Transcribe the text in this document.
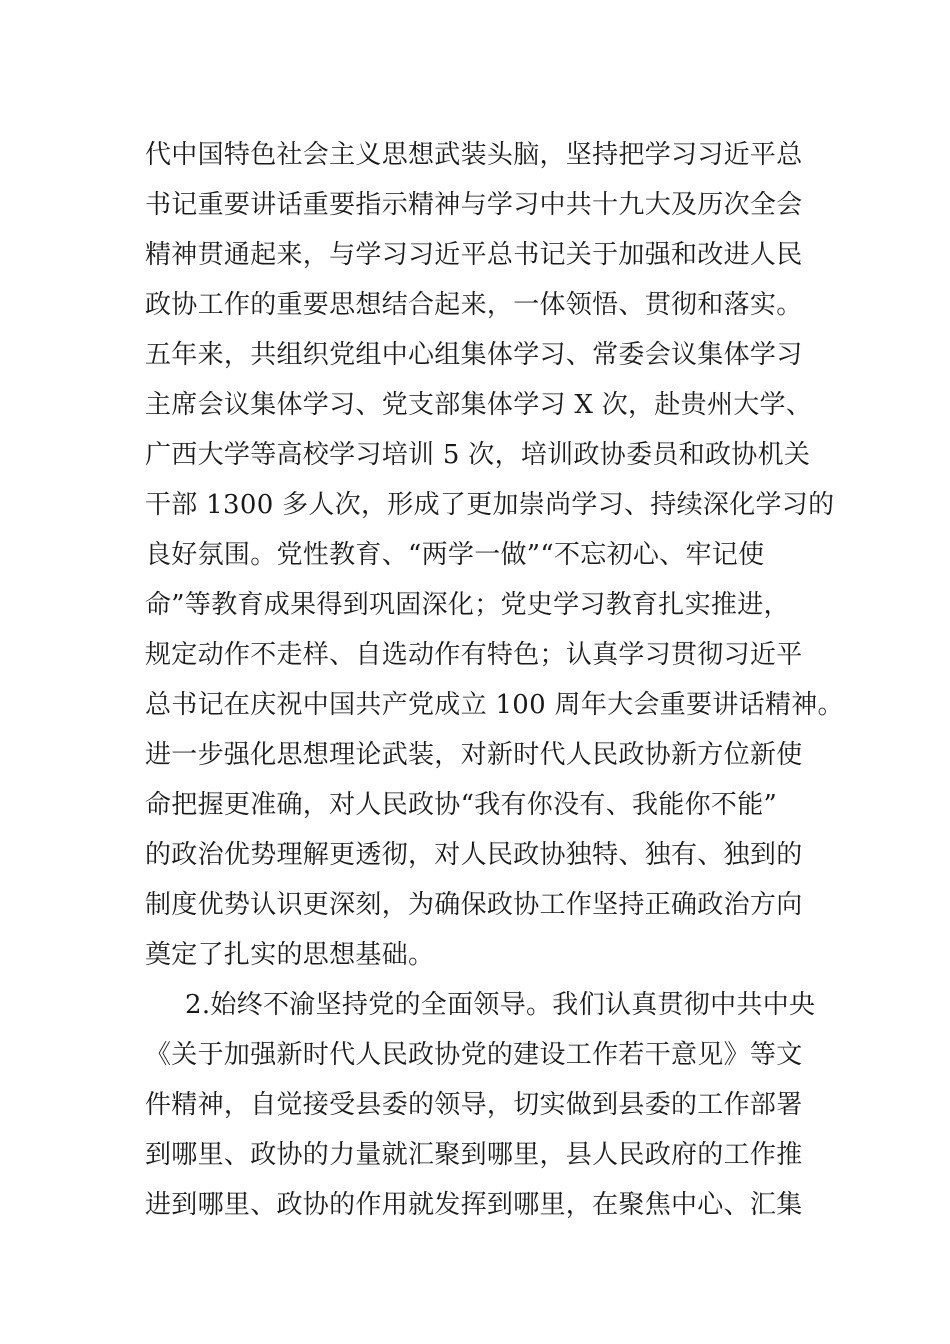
代中国特色社会主义思想武装头脑，坚持把学习习近平总
书记重要讲话重要指示精神与学习中共十九大及历次全会
精神贯通起来，与学习习近平总书记关于加强和改进人民
政协工作的重要思想结合起来，一体领悟、贯彻和落实。
五年来，共组织党组中心组集体学习、常委会议集体学习
主席会议集体学习、党支部集体学习 X 次，赴贵州大学、
广西大学等高校学习培训 5 次，培训政协委员和政协机关
干部 1300 多人次，形成了更加崇尚学习、持续深化学习的
良好氛围。党性教育、“两学一做”“不忘初心、牢记使
命”等教育成果得到巩固深化；党史学习教育扎实推进，
规定动作不走样、自选动作有特色；认真学习贯彻习近平
总书记在庆祝中国共产党成立 100 周年大会重要讲话精神。
进一步强化思想理论武装，对新时代人民政协新方位新使
命把握更准确，对人民政协“我有你没有、我能你不能”
的政治优势理解更透彻，对人民政协独特、独有、独到的
制度优势认识更深刻，为确保政协工作坚持正确政治方向
奠定了扎实的思想基础。
2.始终不渝坚持党的全面领导。我们认真贯彻中共中央
《关于加强新时代人民政协党的建设工作若干意见》等文
件精神，自觉接受县委的领导，切实做到县委的工作部署
到哪里、政协的力量就汇聚到哪里，县人民政府的工作推
进到哪里、政协的作用就发挥到哪里，在聚焦中心、汇集
